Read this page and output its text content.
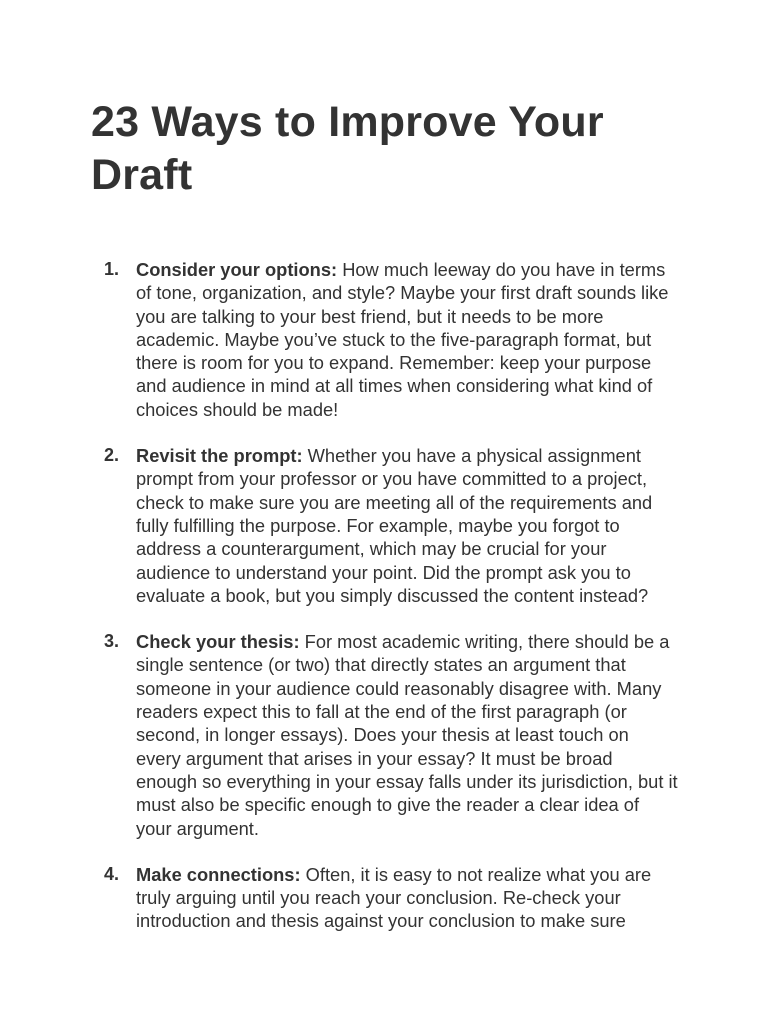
23 Ways to Improve Your Draft
1. Consider your options: How much leeway do you have in terms of tone, organization, and style? Maybe your first draft sounds like you are talking to your best friend, but it needs to be more academic. Maybe you’ve stuck to the five-paragraph format, but there is room for you to expand. Remember: keep your purpose and audience in mind at all times when considering what kind of choices should be made!
2. Revisit the prompt: Whether you have a physical assignment prompt from your professor or you have committed to a project, check to make sure you are meeting all of the requirements and fully fulfilling the purpose. For example, maybe you forgot to address a counterargument, which may be crucial for your audience to understand your point. Did the prompt ask you to evaluate a book, but you simply discussed the content instead?
3. Check your thesis: For most academic writing, there should be a single sentence (or two) that directly states an argument that someone in your audience could reasonably disagree with. Many readers expect this to fall at the end of the first paragraph (or second, in longer essays). Does your thesis at least touch on every argument that arises in your essay? It must be broad enough so everything in your essay falls under its jurisdiction, but it must also be specific enough to give the reader a clear idea of your argument.
4. Make connections: Often, it is easy to not realize what you are truly arguing until you reach your conclusion. Re-check your introduction and thesis against your conclusion to make sure
